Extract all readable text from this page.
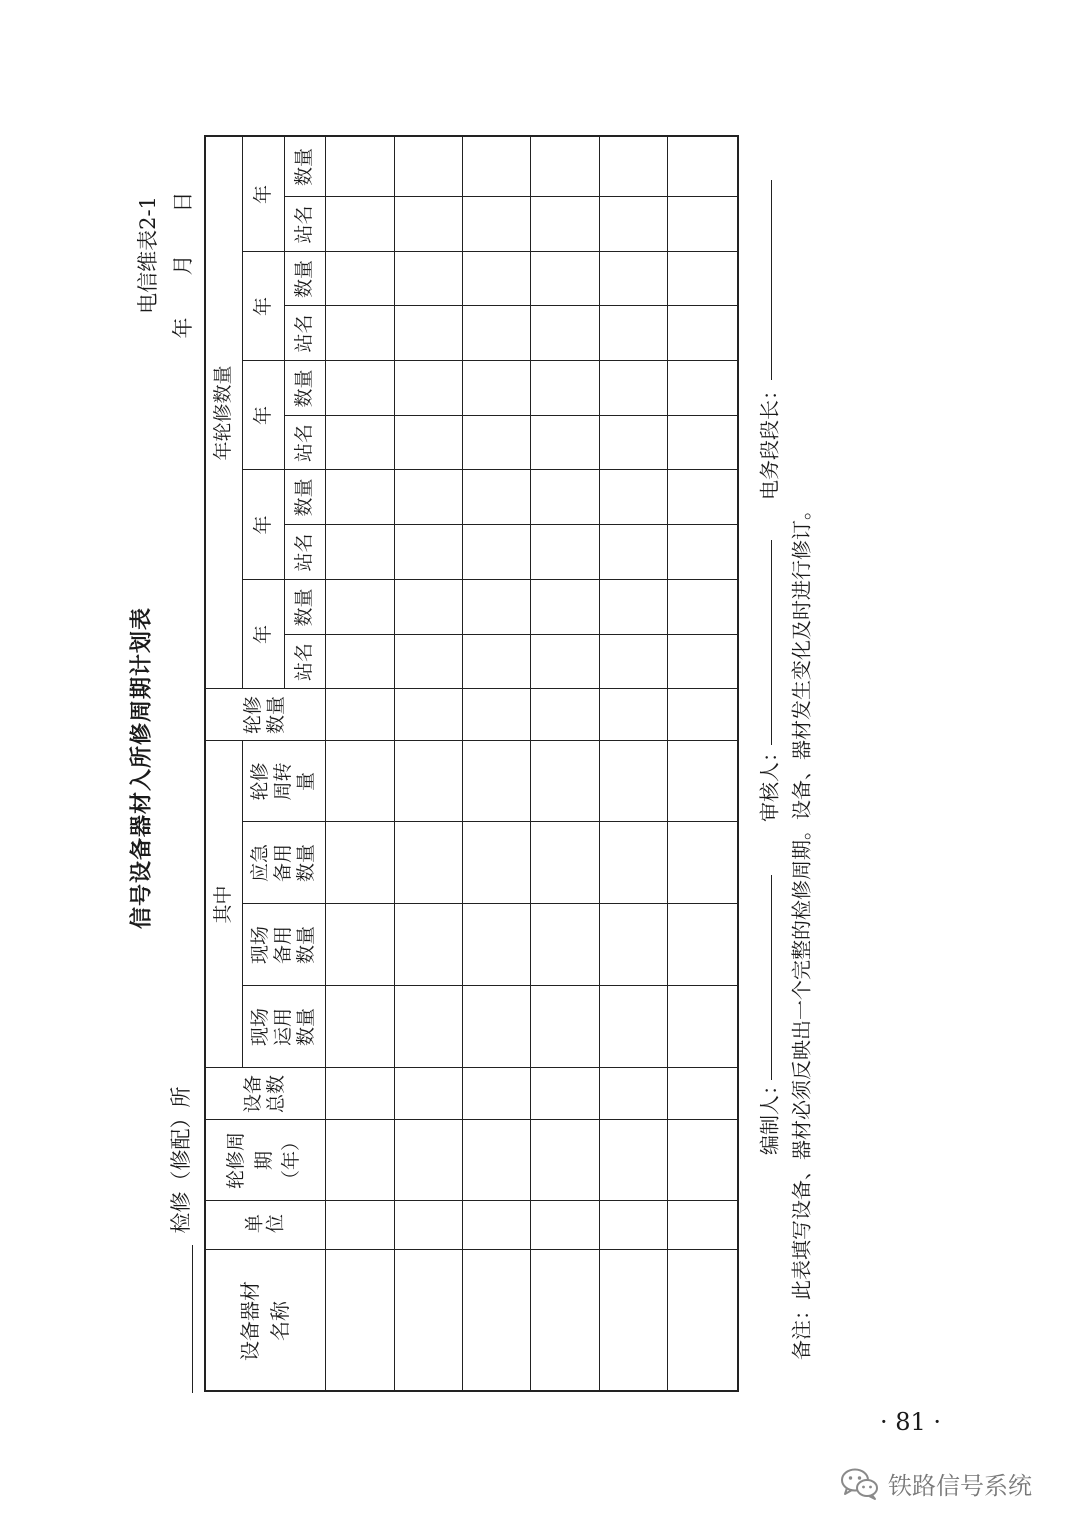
信号设备器材入所修周期计划表
电信维表2-1 年　　月　　日
检修（修配）所
设备器材名称
单位
轮修周期（年）
设备总数
其中
现场运用数量
现场备用数量
应急备用数量
轮修周转量
轮修数量
年轮修数量
年
年
年
年
年
站名
数量
站名
数量
站名
数量
站名
数量
站名
数量
编制人：
审核人：
电务段段长：
备注：此表填写设备、器材必须反映出一个完整的检修周期。设备、器材发生变化及时进行修订。
· 81 ·
铁路信号系统
